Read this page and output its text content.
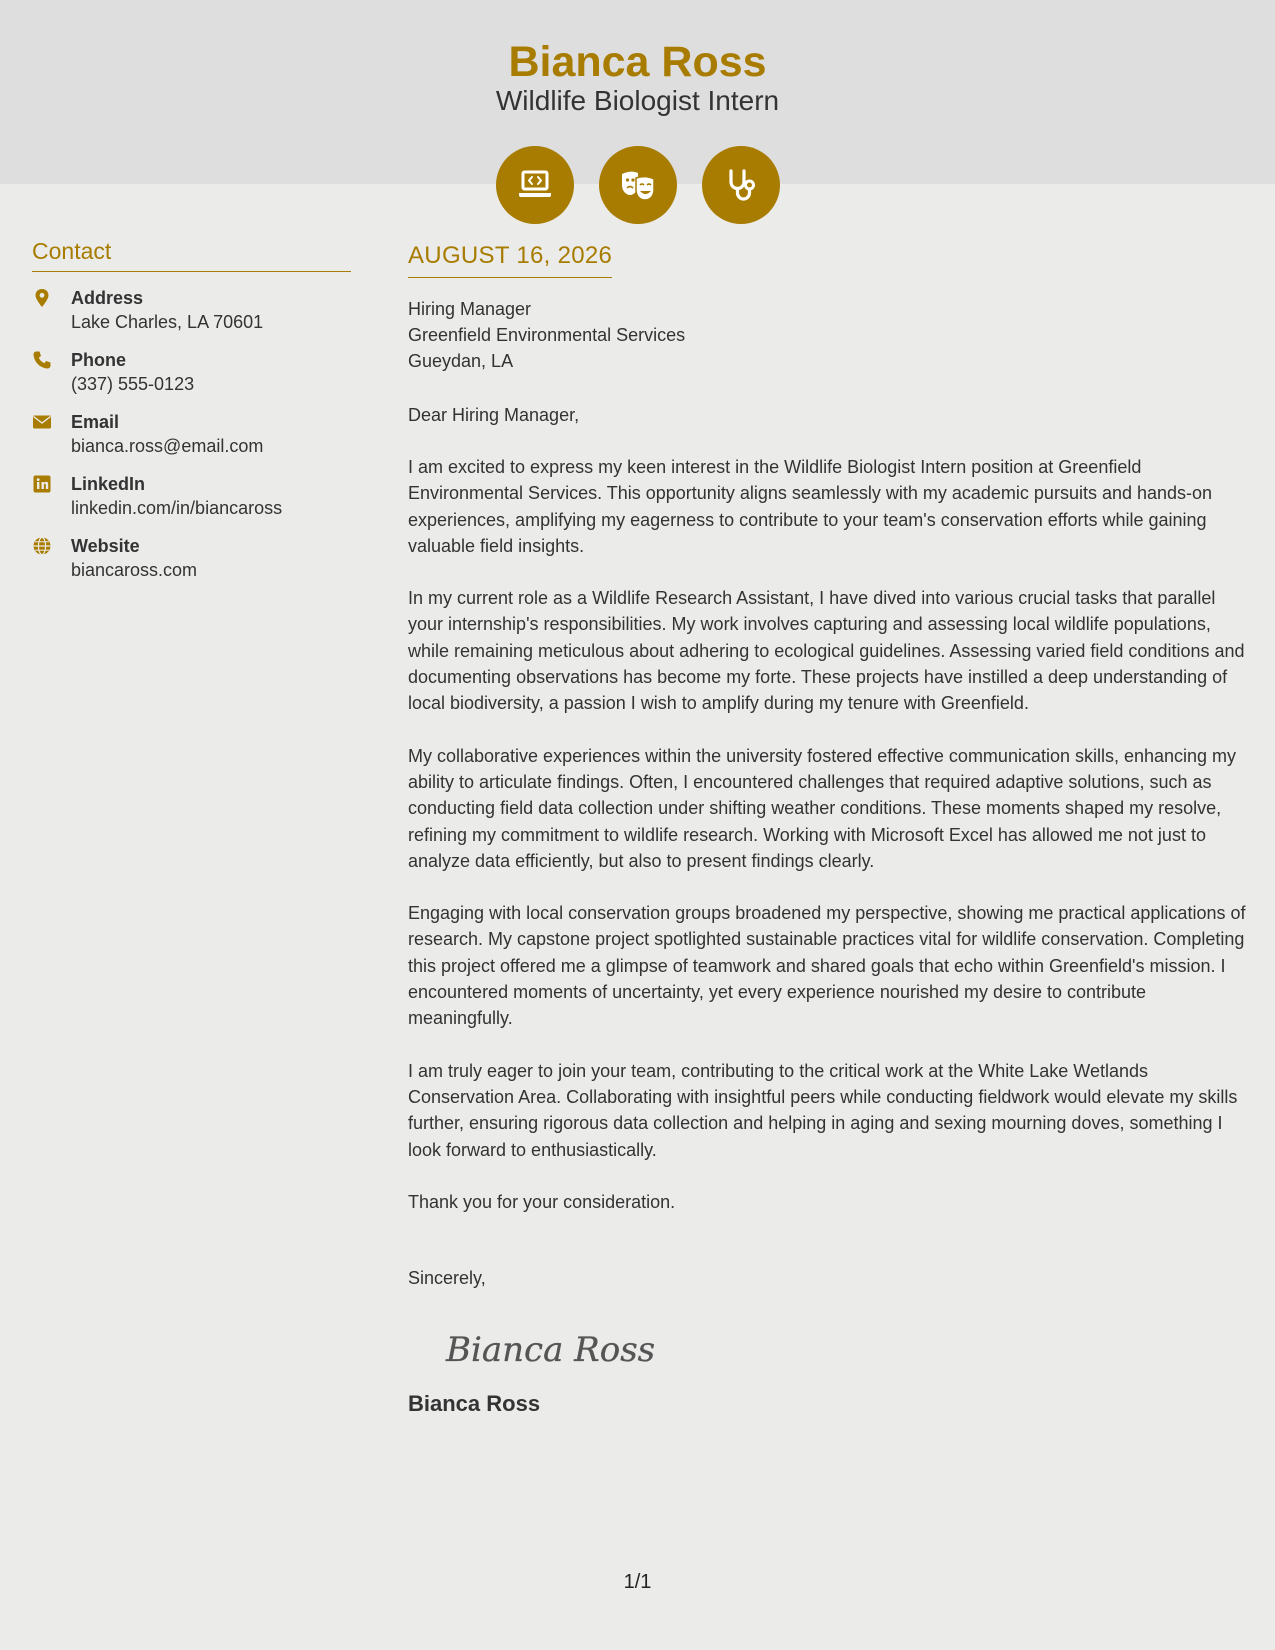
Bianca Ross
Wildlife Biologist Intern
Contact
Address
Lake Charles, LA 70601
Phone
(337) 555-0123
Email
bianca.ross@email.com
LinkedIn
linkedin.com/in/biancaross
Website
biancaross.com
AUGUST 16, 2026
Hiring Manager
Greenfield Environmental Services
Gueydan, LA
Dear Hiring Manager,
I am excited to express my keen interest in the Wildlife Biologist Intern position at Greenfield Environmental Services. This opportunity aligns seamlessly with my academic pursuits and hands-on experiences, amplifying my eagerness to contribute to your team's conservation efforts while gaining valuable field insights.
In my current role as a Wildlife Research Assistant, I have dived into various crucial tasks that parallel your internship's responsibilities. My work involves capturing and assessing local wildlife populations, while remaining meticulous about adhering to ecological guidelines. Assessing varied field conditions and documenting observations has become my forte. These projects have instilled a deep understanding of local biodiversity, a passion I wish to amplify during my tenure with Greenfield.
My collaborative experiences within the university fostered effective communication skills, enhancing my ability to articulate findings. Often, I encountered challenges that required adaptive solutions, such as conducting field data collection under shifting weather conditions. These moments shaped my resolve, refining my commitment to wildlife research. Working with Microsoft Excel has allowed me not just to analyze data efficiently, but also to present findings clearly.
Engaging with local conservation groups broadened my perspective, showing me practical applications of research. My capstone project spotlighted sustainable practices vital for wildlife conservation. Completing this project offered me a glimpse of teamwork and shared goals that echo within Greenfield's mission. I encountered moments of uncertainty, yet every experience nourished my desire to contribute meaningfully.
I am truly eager to join your team, contributing to the critical work at the White Lake Wetlands Conservation Area. Collaborating with insightful peers while conducting fieldwork would elevate my skills further, ensuring rigorous data collection and helping in aging and sexing mourning doves, something I look forward to enthusiastically.
Thank you for your consideration.
Sincerely,
Bianca Ross
Bianca Ross
1/1
